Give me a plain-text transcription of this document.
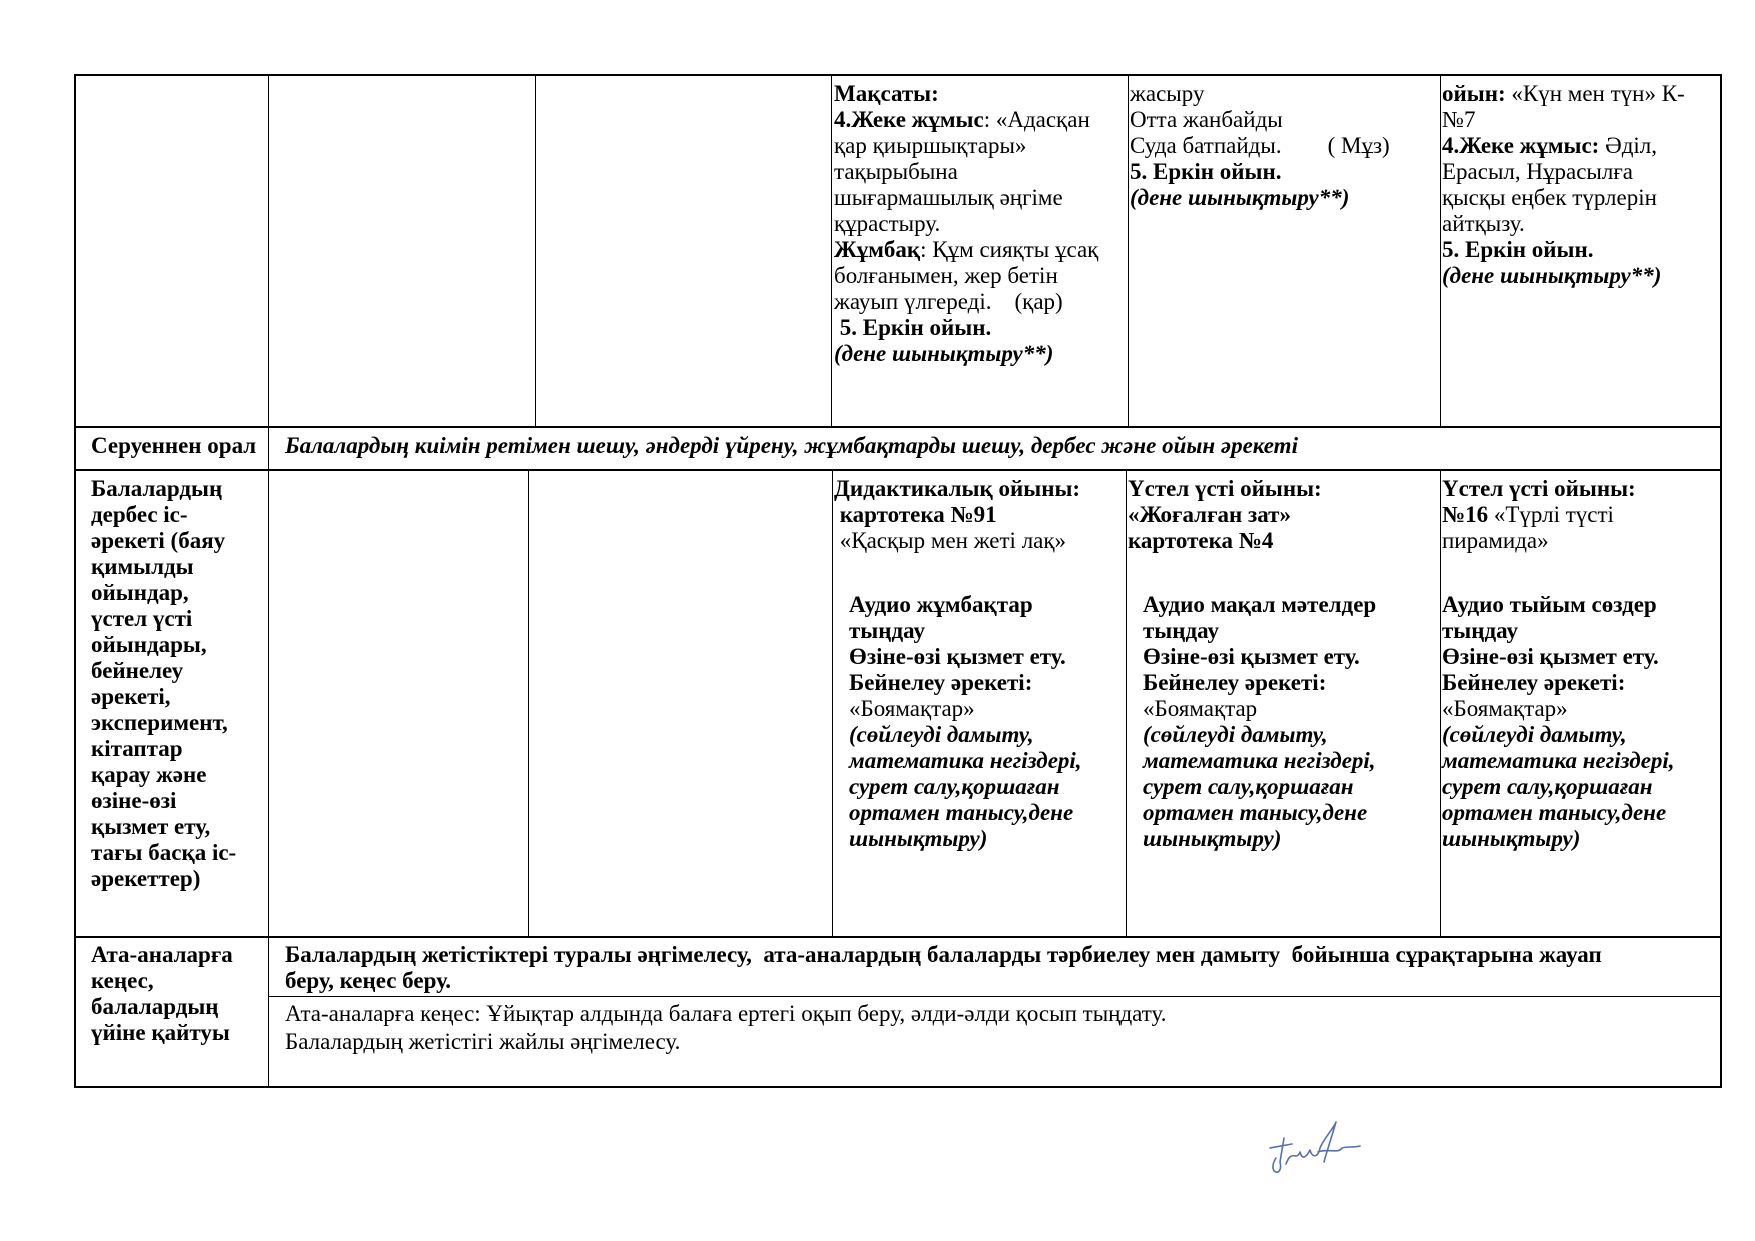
Мақсаты:
4.Жеке жұмыс: «Адасқан
қар қиыршықтары»
тақырыбына
шығармашылық әңгіме
құрастыру.
Жұмбақ: Құм сияқты ұсақ
болғанымен, жер бетін
жауып үлгереді.    (қар)
5. Еркін ойын.
(дене шынықтыру**)
жасыру
Отта жанбайды
Суда батпайды.        ( Мұз)
5. Еркін ойын.
(дене шынықтыру**)
ойын: «Күн мен түн» К-
№7
4.Жеке жұмыс: Әділ,
Ерасыл, Нұрасылға
қысқы еңбек түрлерін
айтқызу.
5. Еркін ойын.
(дене шынықтыру**)
Серуеннен орал Балалардың киімін ретімен шешу, әндерді үйрену, жұмбақтарды шешу, дербес және ойын әрекеті
Балалардың
дербес іс-
әрекеті (баяу
қимылды
ойындар,
үстел үсті
ойындары,
бейнелеу
әрекеті,
эксперимент,
кітаптар
қарау және
өзіне-өзі
қызмет ету,
тағы басқа іс-
әрекеттер)
Дидактикалық ойыны:
картотека №91
«Қасқыр мен жеті лақ»
Аудио жұмбақтар
тыңдау
Өзіне-өзі қызмет ету.
Бейнелеу әрекеті:
«Боямақтар»
(сөйлеуді дамыту,
математика негіздері,
сурет салу,қоршаған
ортамен танысу,дене
шынықтыру)
Үстел үсті ойыны:
«Жоғалған зат»
картотека №4
Аудио мақал мәтелдер
тыңдау
Өзіне-өзі қызмет ету.
Бейнелеу әрекеті:
«Боямақтар
(сөйлеуді дамыту,
математика негіздері,
сурет салу,қоршаған
ортамен танысу,дене
шынықтыру)
Үстел үсті ойыны:
№16 «Түрлі түсті
пирамида»
Аудио тыйым сөздер
тыңдау
Өзіне-өзі қызмет ету.
Бейнелеу әрекеті:
«Боямақтар»
(сөйлеуді дамыту,
математика негіздері,
сурет салу,қоршаған
ортамен танысу,дене
шынықтыру)
Ата-аналарға
кеңес,
балалардың
үйіне қайтуы
Балалардың жетістіктері туралы әңгімелесу,  ата-аналардың балаларды тәрбиелеу мен дамыту  бойынша сұрақтарына жауап
беру, кеңес беру.
Ата-аналарға кеңес: Ұйықтар алдында балаға ертегі оқып беру, әлди-әлди қосып тыңдату.
Балалардың жетістігі жайлы әңгімелесу.
